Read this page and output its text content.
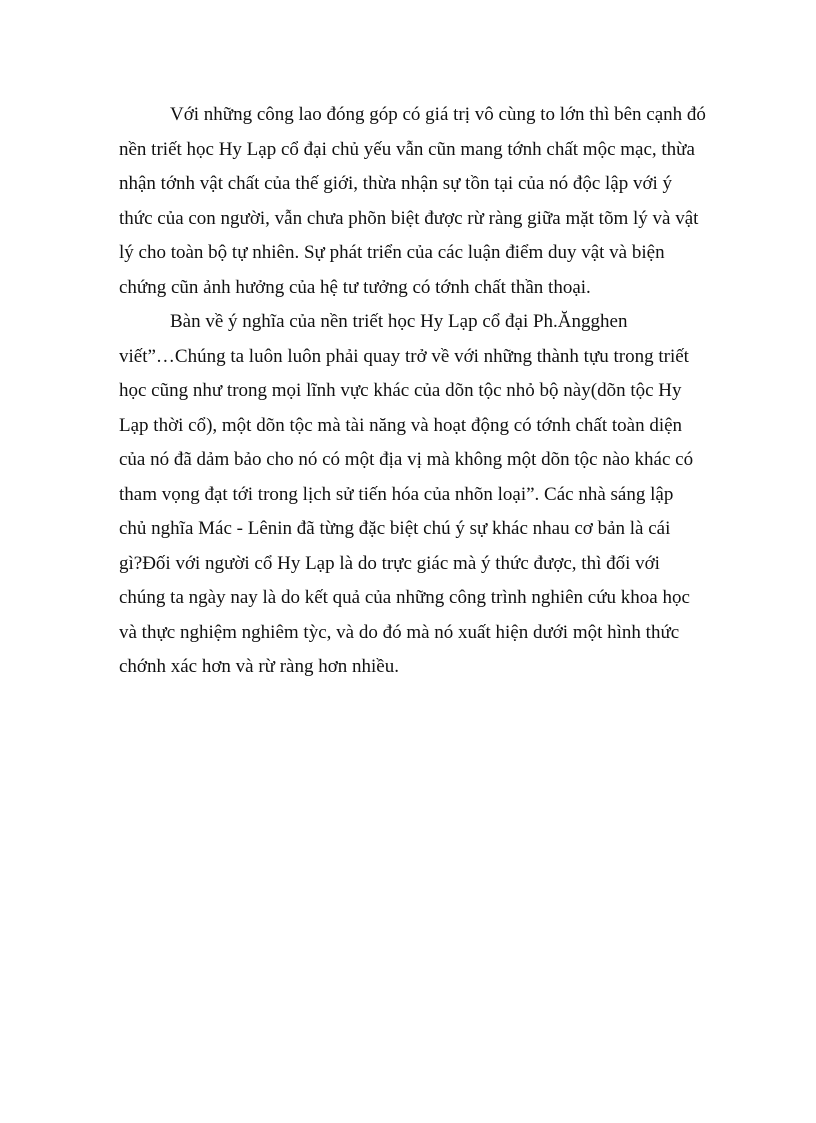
Với những công lao đóng góp có giá trị vô cùng to lớn thì bên cạnh đó

nền triết học Hy Lạp cổ đại chủ yếu vẫn cũn mang tớnh chất mộc mạc, thừa

nhận tớnh vật chất của thế giới, thừa nhận sự tồn tại của nó độc lập với ý

thức của con người, vẫn chưa phõn biệt được rừ ràng giữa mặt tõm lý và vật

lý cho toàn bộ tự nhiên. Sự phát triển của các luận điểm duy vật và biện

chứng cũn ảnh hưởng của hệ tư tưởng có tớnh chất thần thoại.

Bàn về ý nghĩa của nền triết học Hy Lạp cổ đại Ph.Ăngghen

viết”…Chúng ta luôn luôn phải quay trở về với những thành tựu trong triết

học cũng như trong mọi lĩnh vực khác của dõn tộc nhỏ bộ này(dõn tộc Hy

Lạp thời cổ), một dõn tộc mà tài năng và hoạt động có tớnh chất toàn diện

của nó đã dảm bảo cho nó có một địa vị mà không một dõn tộc nào khác có

tham vọng đạt tới trong lịch sử tiến hóa của nhõn loại”. Các nhà sáng lập

chủ nghĩa Mác - Lênin đã từng đặc biệt chú ý sự khác nhau cơ bản là cái

gì?Đối với người cổ Hy Lạp là do trực giác mà ý thức được, thì đối với

chúng ta ngày nay là do kết quả của những công trình nghiên cứu khoa học

và thực nghiệm nghiêm tỳc, và do đó mà nó xuất hiện dưới một hình thức

chớnh xác hơn và rừ ràng hơn nhiều.
